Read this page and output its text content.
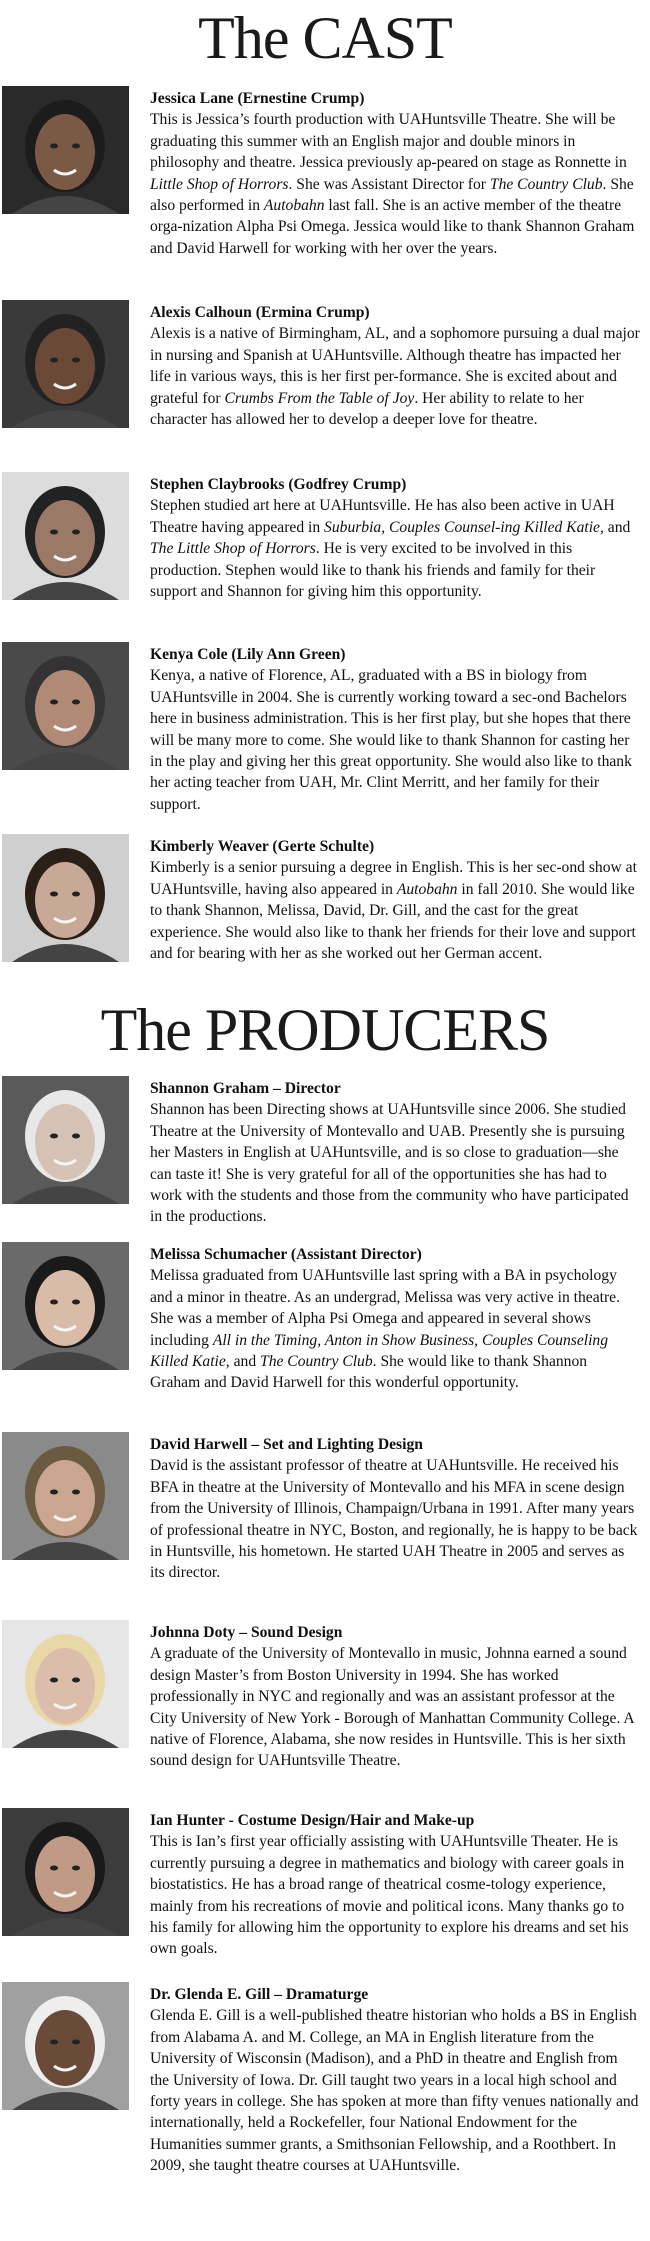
The CAST
Jessica Lane (Ernestine Crump)
This is Jessica’s fourth production with UAHuntsville Theatre. She will be graduating this summer with an English major and double minors in philosophy and theatre. Jessica previously ap-peared on stage as Ronnette in Little Shop of Horrors. She was Assistant Director for The Country Club. She also performed in Autobahn last fall. She is an active member of the theatre orga-nization Alpha Psi Omega. Jessica would like to thank Shannon Graham and David Harwell for working with her over the years.
Alexis Calhoun (Ermina Crump)
Alexis is a native of Birmingham, AL, and a sophomore pursuing a dual major in nursing and Spanish at UAHuntsville. Although theatre has impacted her life in various ways, this is her first per-formance. She is excited about and grateful for Crumbs From the Table of Joy. Her ability to relate to her character has allowed her to develop a deeper love for theatre.
Stephen Claybrooks (Godfrey Crump)
Stephen studied art here at UAHuntsville. He has also been active in UAH Theatre having appeared in Suburbia, Couples Counsel-ing Killed Katie, and The Little Shop of Horrors. He is very excited to be involved in this production. Stephen would like to thank his friends and family for their support and Shannon for giving him this opportunity.
Kenya Cole (Lily Ann Green)
Kenya, a native of Florence, AL, graduated with a BS in biology from UAHuntsville in 2004. She is currently working toward a sec-ond Bachelors here in business administration. This is her first play, but she hopes that there will be many more to come. She would like to thank Shannon for casting her in the play and giving her this great opportunity. She would also like to thank her acting teacher from UAH, Mr. Clint Merritt, and her family for their support.
Kimberly Weaver (Gerte Schulte)
Kimberly is a senior pursuing a degree in English. This is her sec-ond show at UAHuntsville, having also appeared in Autobahn in fall 2010. She would like to thank Shannon, Melissa, David, Dr. Gill, and the cast for the great experience. She would also like to thank her friends for their love and support and for bearing with her as she worked out her German accent.
The PRODUCERS
Shannon Graham – Director
Shannon has been Directing shows at UAHuntsville since 2006. She studied Theatre at the University of Montevallo and UAB. Presently she is pursuing her Masters in English at UAHuntsville, and is so close to graduation—she can taste it! She is very grateful for all of the opportunities she has had to work with the students and those from the community who have participated in the productions.
Melissa Schumacher (Assistant Director)
Melissa graduated from UAHuntsville last spring with a BA in psychology and a minor in theatre. As an undergrad, Melissa was very active in theatre. She was a member of Alpha Psi Omega and appeared in several shows including All in the Timing, Anton in Show Business, Couples Counseling Killed Katie, and The Country Club. She would like to thank Shannon Graham and David Harwell for this wonderful opportunity.
David Harwell – Set and Lighting Design
David is the assistant professor of theatre at UAHuntsville. He received his BFA in theatre at the University of Montevallo and his MFA in scene design from the University of Illinois, Champaign/Urbana in 1991. After many years of professional theatre in NYC, Boston, and regionally, he is happy to be back in Huntsville, his hometown. He started UAH Theatre in 2005 and serves as its director.
Johnna Doty – Sound Design
A graduate of the University of Montevallo in music, Johnna earned a sound design Master’s from Boston University in 1994. She has worked professionally in NYC and regionally and was an assistant professor at the City University of New York - Borough of Manhattan Community College. A native of Florence, Alabama, she now resides in Huntsville. This is her sixth sound design for UAHuntsville Theatre.
Ian Hunter - Costume Design/Hair and Make-up
This is Ian’s first year officially assisting with UAHuntsville Theater. He is currently pursuing a degree in mathematics and biology with career goals in biostatistics. He has a broad range of theatrical cosme-tology experience, mainly from his recreations of movie and political icons. Many thanks go to his family for allowing him the opportunity to explore his dreams and set his own goals.
Dr. Glenda E. Gill – Dramaturge
Glenda E. Gill is a well-published theatre historian who holds a BS in English from Alabama A. and M. College, an MA in English literature from the University of Wisconsin (Madison), and a PhD in theatre and English from the University of Iowa. Dr. Gill taught two years in a local high school and forty years in college. She has spoken at more than fifty venues nationally and internationally, held a Rockefeller, four National Endowment for the Humanities summer grants, a Smithsonian Fellowship, and a Roothbert. In 2009, she taught theatre courses at UAHuntsville.
